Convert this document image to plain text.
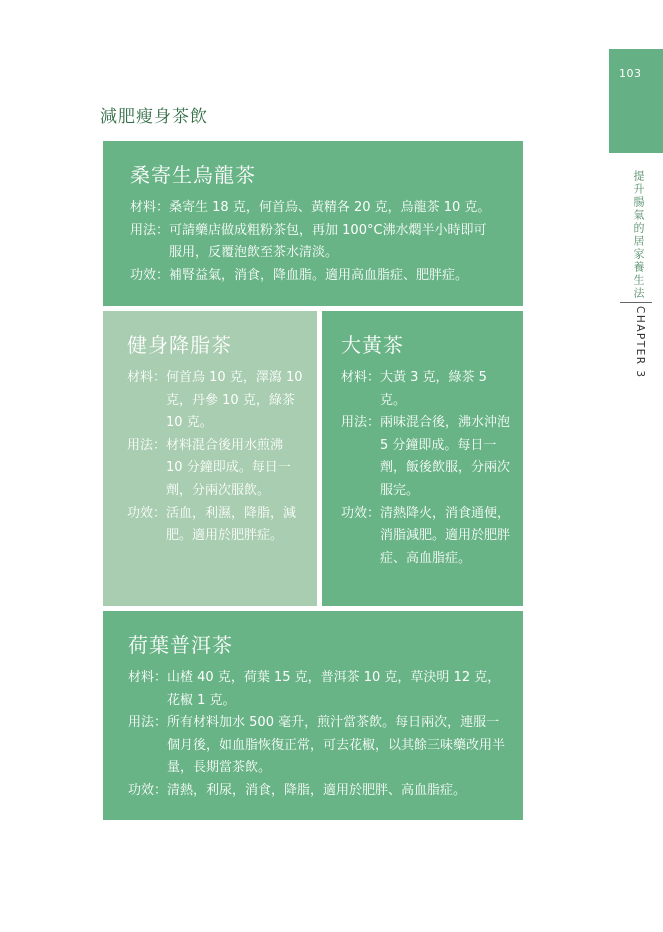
103
提升腸氣的居家養生法
CHAPTER 3
減肥瘦身茶飲
桑寄生烏龍茶
材料： 桑寄生 18 克，何首烏、黃精各 20 克，烏龍茶 10 克。
用法： 可請藥店做成粗粉茶包，再加 100°C沸水燜半小時即可服用，反覆泡飲至茶水清淡。
功效： 補腎益氣，消食，降血脂。適用高血脂症、肥胖症。
健身降脂茶
材料： 何首烏 10 克，澤瀉 10 克，丹參 10 克，綠茶 10 克。
用法： 材料混合後用水煎沸 10 分鐘即成。每日一劑，分兩次服飲。
功效： 活血，利濕，降脂，減肥。適用於肥胖症。
大黃茶
材料： 大黃 3 克，綠茶 5 克。
用法： 兩味混合後，沸水沖泡 5 分鐘即成。每日一劑，飯後飲服，分兩次服完。
功效： 清熱降火，消食通便，消脂減肥。適用於肥胖症、高血脂症。
荷葉普洱茶
材料： 山楂 40 克，荷葉 15 克，普洱茶 10 克，草決明 12 克，花椒 1 克。
用法： 所有材料加水 500 毫升，煎汁當茶飲。每日兩次，連服一個月後，如血脂恢復正常，可去花椒，以其餘三味藥改用半量，長期當茶飲。
功效： 清熱，利尿，消食，降脂，適用於肥胖、高血脂症。
